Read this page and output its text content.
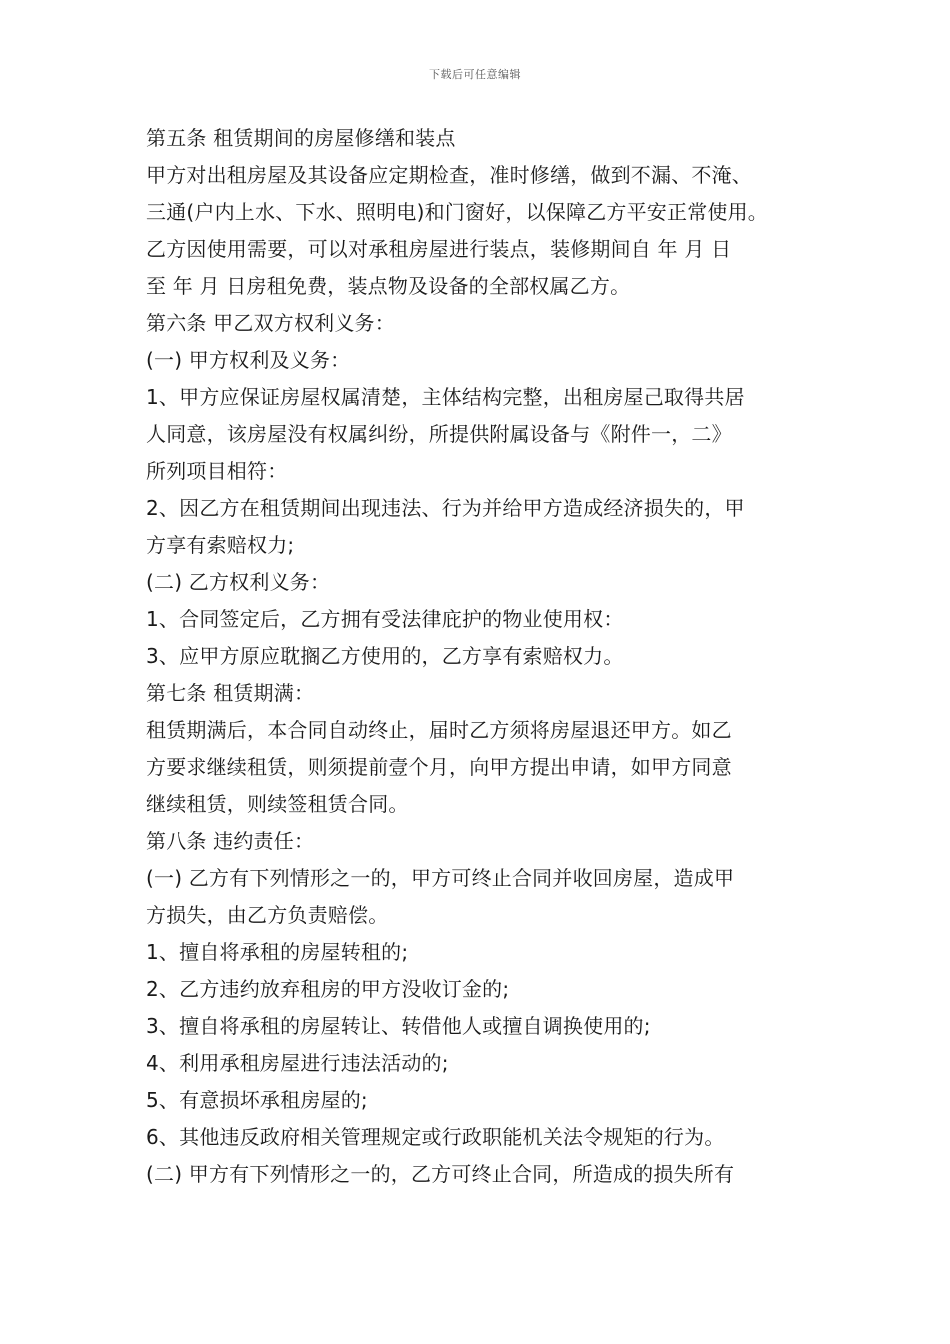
下载后可任意编辑
第五条 租赁期间的房屋修缮和装点
甲方对出租房屋及其设备应定期检查，准时修缮，做到不漏、不淹、
三通(户内上水、下水、照明电)和门窗好，以保障乙方平安正常使用。
乙方因使用需要，可以对承租房屋进行装点，装修期间自 年 月 日
至 年 月 日房租免费，装点物及设备的全部权属乙方。
第六条 甲乙双方权利义务：
(一) 甲方权利及义务：
1、甲方应保证房屋权属清楚，主体结构完整，出租房屋己取得共居
人同意，该房屋没有权属纠纷，所提供附属设备与《附件一，二》
所列项目相符：
2、因乙方在租赁期间出现违法、行为并给甲方造成经济损失的，甲
方享有索赔权力;
(二) 乙方权利义务：
1、合同签定后，乙方拥有受法律庇护的物业使用权：
3、应甲方原应耽搁乙方使用的，乙方享有索赔权力。
第七条 租赁期满：
租赁期满后，本合同自动终止，届时乙方须将房屋退还甲方。如乙
方要求继续租赁，则须提前壹个月，向甲方提出申请，如甲方同意
继续租赁，则续签租赁合同。
第八条 违约责任：
(一) 乙方有下列情形之一的，甲方可终止合同并收回房屋，造成甲
方损失，由乙方负责赔偿。
1、擅自将承租的房屋转租的;
2、乙方违约放弃租房的甲方没收订金的;
3、擅自将承租的房屋转让、转借他人或擅自调换使用的;
4、利用承租房屋进行违法活动的;
5、有意损坏承租房屋的;
6、其他违反政府相关管理规定或行政职能机关法令规矩的行为。
(二) 甲方有下列情形之一的，乙方可终止合同，所造成的损失所有
